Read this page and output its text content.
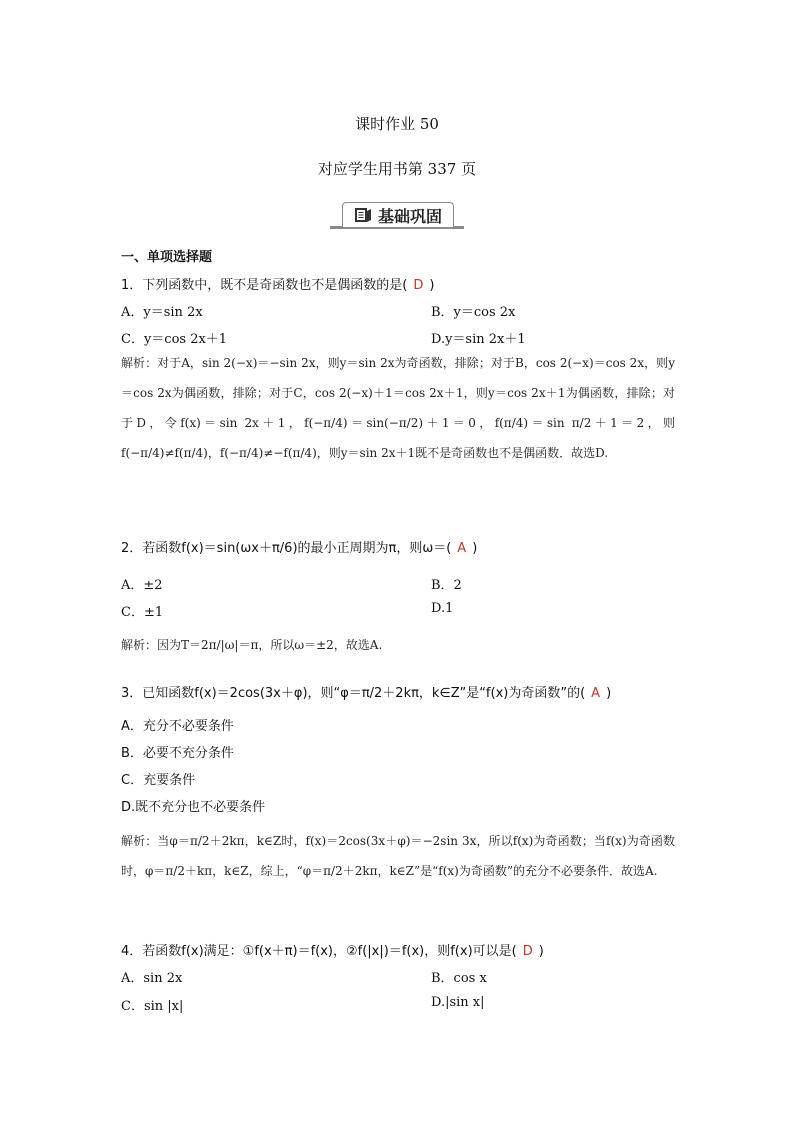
课时作业 50
对应学生用书第 337 页
基础巩固
一、单项选择题
1．下列函数中，既不是奇函数也不是偶函数的是( D )
A．y＝sin 2x	B．y＝cos 2x
C．y＝cos 2x＋1	D.y＝sin 2x＋1
解析：对于A，sin 2(−x)＝−sin 2x，则y＝sin 2x为奇函数，排除；对于B，cos 2(−x)＝cos 2x，则y＝cos 2x为偶函数，排除；对于C，cos 2(−x)＋1＝cos 2x＋1，则y＝cos 2x＋1为偶函数，排除；对于D，令f(x)＝sin 2x＋1，f(−π/4)＝sin(−π/2)＋1＝0，f(π/4)＝sin π/2＋1＝2，则f(−π/4)≠f(π/4)，f(−π/4)≠−f(π/4)，则y＝sin 2x＋1既不是奇函数也不是偶函数．故选D.
2．若函数f(x)＝sin(ωx＋π/6)的最小正周期为π，则ω＝( A )
A．±2	B．2
C．±1	D.1
解析：因为T＝2π/|ω|＝π，所以ω＝±2，故选A.
3．已知函数f(x)＝2cos(3x＋φ)，则“φ＝π/2＋2kπ，k∈Z”是“f(x)为奇函数”的( A )
A．充分不必要条件
B．必要不充分条件
C．充要条件
D.既不充分也不必要条件
解析：当φ＝π/2＋2kπ，k∈Z时，f(x)＝2cos(3x＋φ)＝−2sin 3x，所以f(x)为奇函数；当f(x)为奇函数时，φ＝π/2＋kπ，k∈Z，综上，“φ＝π/2＋2kπ，k∈Z”是“f(x)为奇函数”的充分不必要条件．故选A.
4．若函数f(x)满足：①f(x＋π)＝f(x)，②f(|x|)＝f(x)，则f(x)可以是( D )
A．sin 2x	B．cos x
C．sin |x|	D.|sin x|
